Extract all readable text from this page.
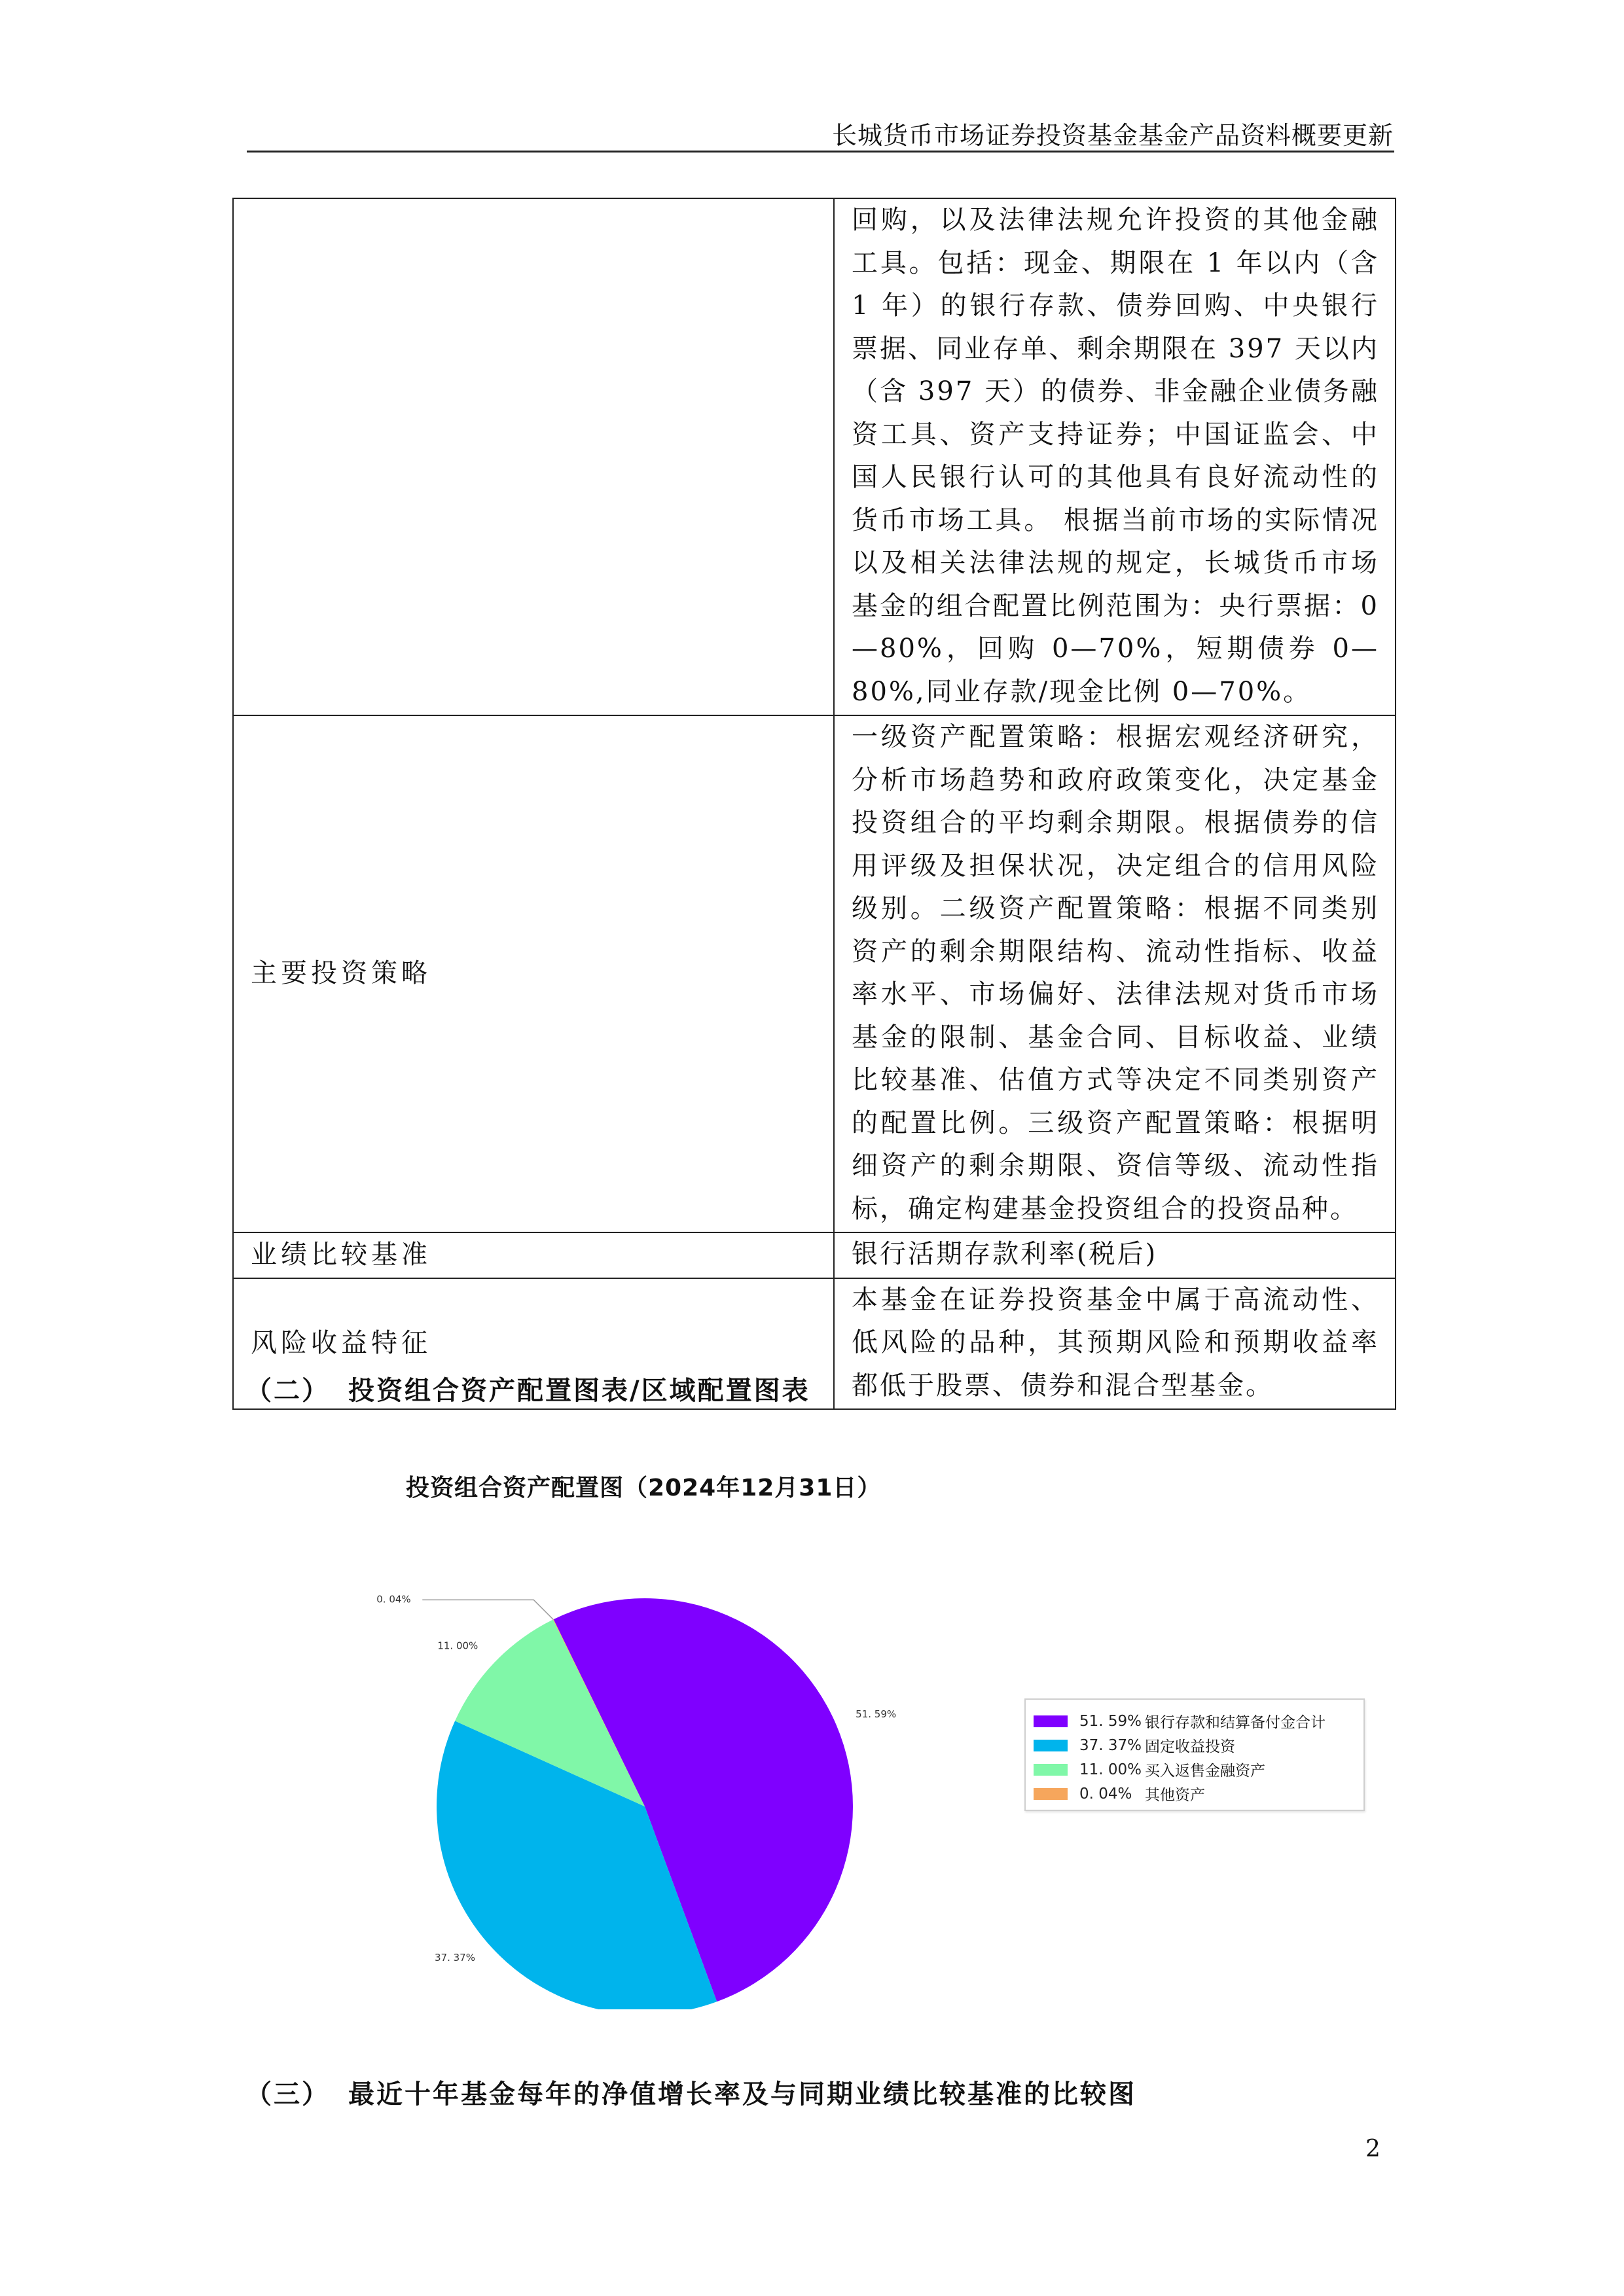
长城货币市场证券投资基金基金产品资料概要更新
	回购，以及法律法规允许投资的其他金融工具。包括：现金、期限在 1 年以内（含 1 年）的银行存款、债券回购、中央银行票据、同业存单、剩余期限在 397 天以内（含 397 天）的债券、非金融企业债务融资工具、资产支持证券；中国证监会、中国人民银行认可的其他具有良好流动性的货币市场工具。 根据当前市场的实际情况以及相关法律法规的规定，长城货币市场基金的组合配置比例范围为：央行票据：0—80%，回购 0—70%，短期债券 0—80%,同业存款/现金比例 0—70%。
主要投资策略	一级资产配置策略：根据宏观经济研究，分析市场趋势和政府政策变化，决定基金投资组合的平均剩余期限。根据债券的信用评级及担保状况，决定组合的信用风险级别。二级资产配置策略：根据不同类别资产的剩余期限结构、流动性指标、收益率水平、市场偏好、法律法规对货币市场基金的限制、基金合同、目标收益、业绩比较基准、估值方式等决定不同类别资产的配置比例。三级资产配置策略：根据明细资产的剩余期限、资信等级、流动性指标，确定构建基金投资组合的投资品种。
业绩比较基准	银行活期存款利率(税后)
风险收益特征	本基金在证券投资基金中属于高流动性、低风险的品种，其预期风险和预期收益率都低于股票、债券和混合型基金。
（二） 投资组合资产配置图表/区域配置图表
投资组合资产配置图（2024年12月31日）
51. 59%
37. 37%
11. 00%
0. 04%
51. 59% 银行存款和结算备付金合计
37. 37% 固定收益投资
11. 00% 买入返售金融资产
0. 04% 其他资产
（三） 最近十年基金每年的净值增长率及与同期业绩比较基准的比较图
2
